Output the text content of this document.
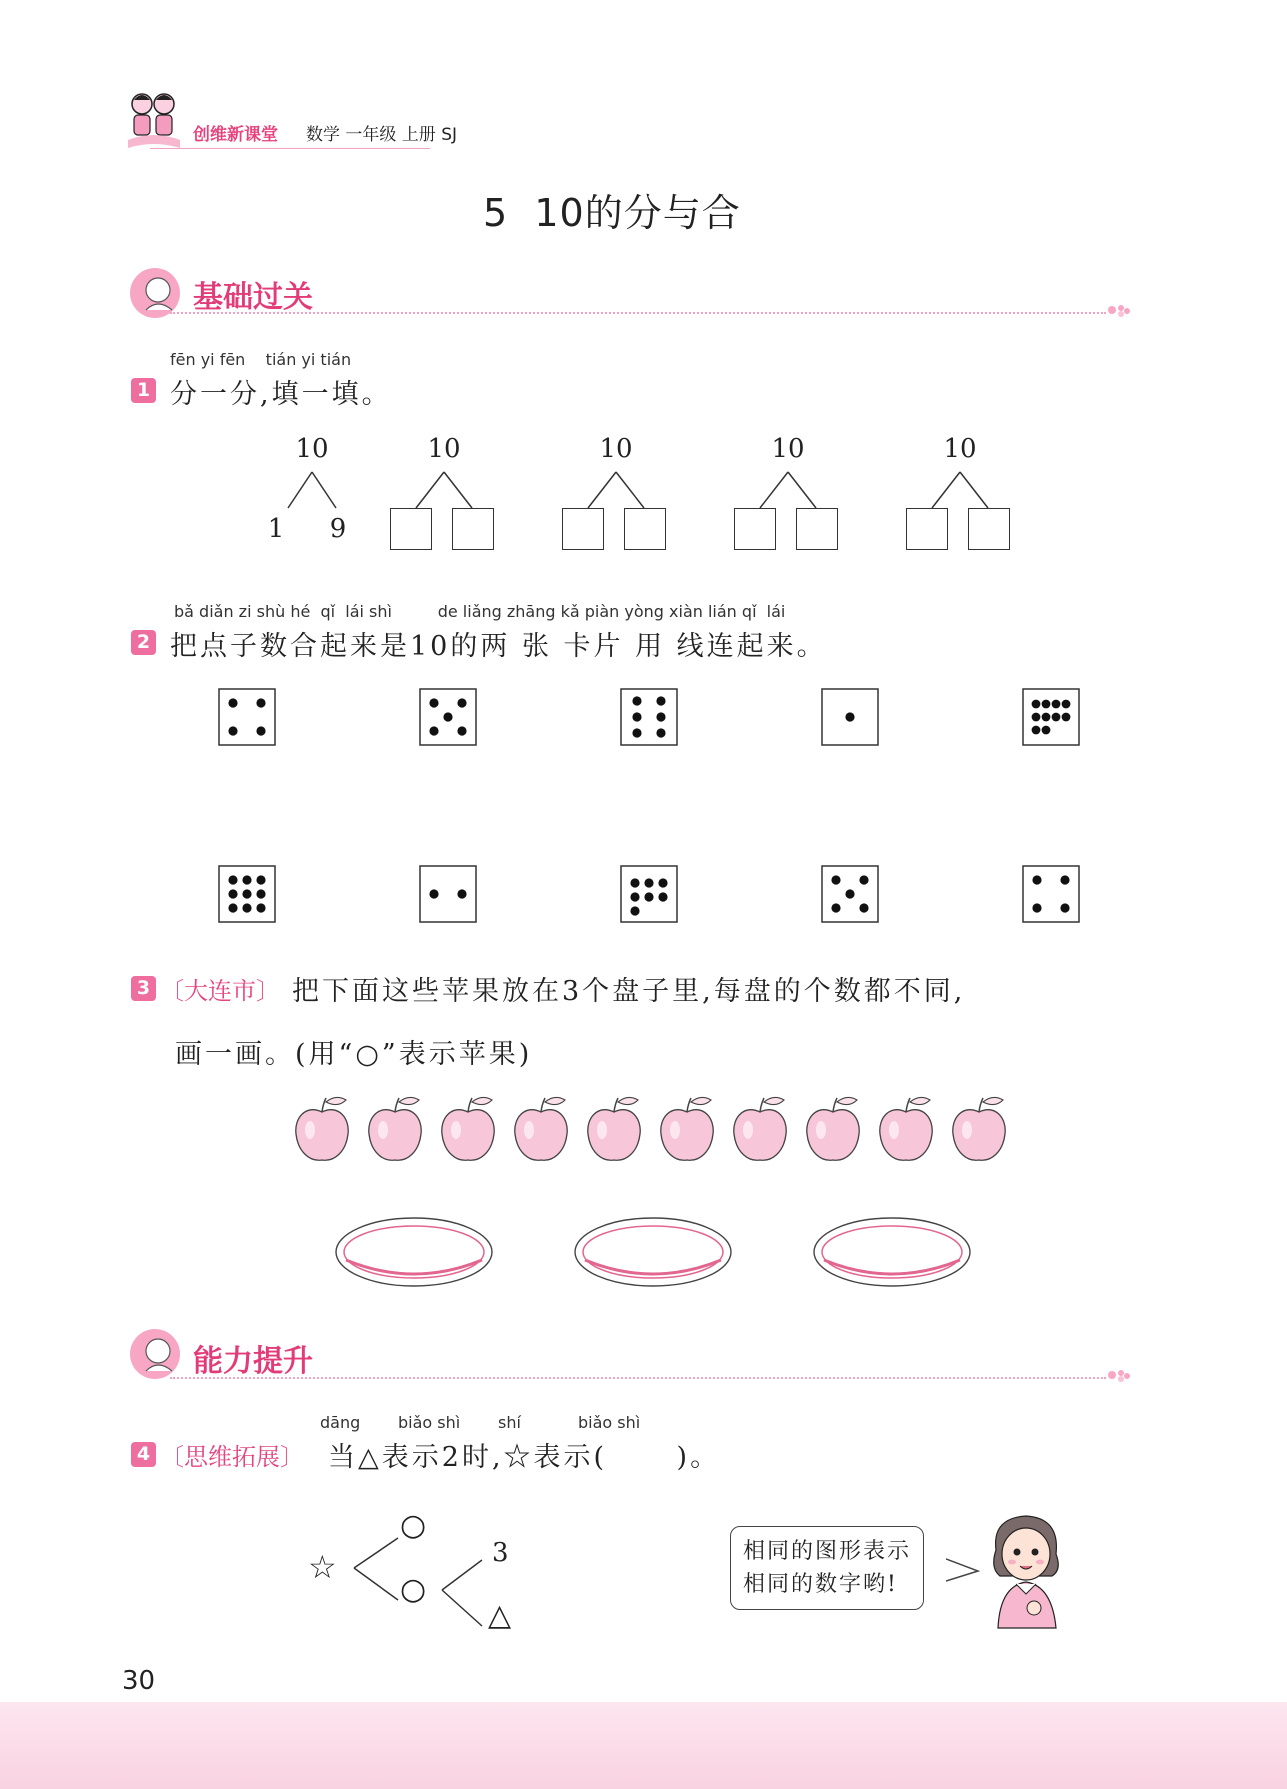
创维新课堂 数学 一年级 上册 SJ
5  10的分与合
基础过关
fēn yi fēn    tián yi tián
1 分一分,填一填。
10
1	9
10	10	10	10
bǎ diǎn zi shù hé  qǐ  lái shì         de liǎng zhāng kǎ piàn yòng xiàn lián qǐ  lái
2 把点子数合起来是10的两 张 卡片 用 线连起来。
3 〔大连市〕 把下面这些苹果放在3个盘子里,每盘的个数都不同,
画一画。(用“○”表示苹果)
能力提升
dāng biǎo shì shí	biǎo shì
4 〔思维拓展〕 当△表示2时,☆表示(      )。
☆
○
○
3
△
相同的图形表示
相同的数字哟!
30
